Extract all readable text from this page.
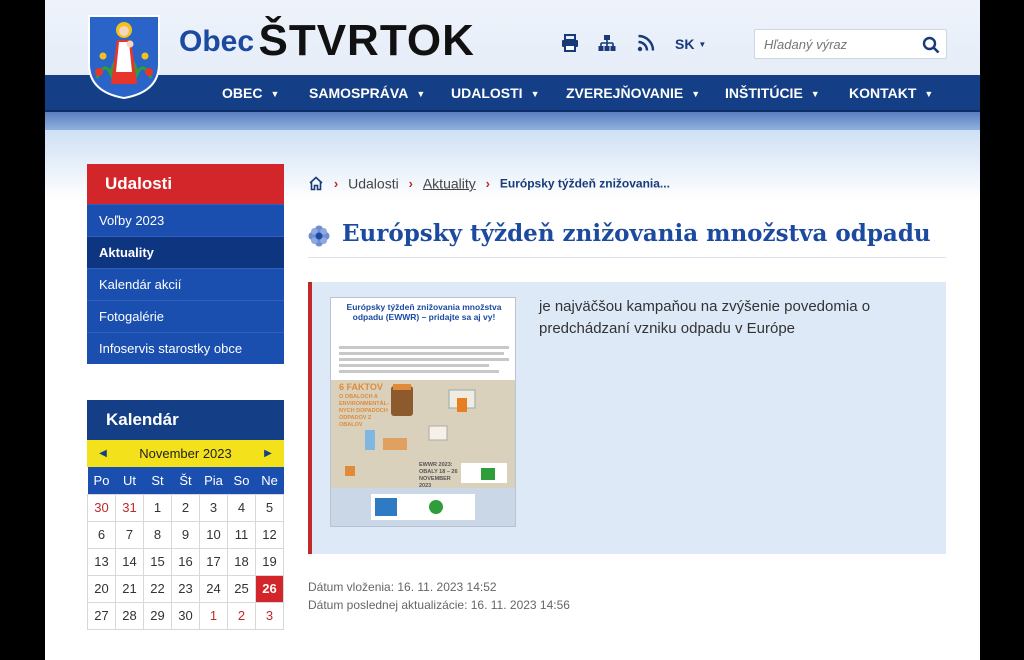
Obec ŠTVRTOK	SK ▼
Hľadaný výraz
OBEC ▼ SAMOSPRÁVA ▼ UDALOSTI ▼ ZVEREJŇOVANIE ▼ INŠTITÚCIE ▼ KONTAKT ▼
Udalosti
Voľby 2023
Aktuality
Kalendár akcií
Fotogalérie
Infoservis starostky obce
Kalendár
◀	November 2023	▶
Po	Ut	St	Št	Pia	So	Ne
30	31	1	2	3	4	5
6	7	8	9	10	11	12
13	14	15	16	17	18	19
20	21	22	23	24	25	26
27	28	29	30	1	2	3
› Udalosti › Aktuality › Európsky týždeň znižovania...
Európsky týždeň znižovania množstva odpadu
Európsky týždeň znižovania množstva odpadu (EWWR) – pridajte sa aj vy!
6 FAKTOV
O OBALOCH A ENVIRONMENTÁL-NYCH DOPADOCH ODPADOV Z OBALOV
EWWR 2023: OBALY 18 – 26 NOVEMBER 2023
je najväčšou kampaňou na zvýšenie povedomia o predchádzaní vzniku odpadu v Európe
Dátum vloženia: 16. 11. 2023 14:52
Dátum poslednej aktualizácie: 16. 11. 2023 14:56
